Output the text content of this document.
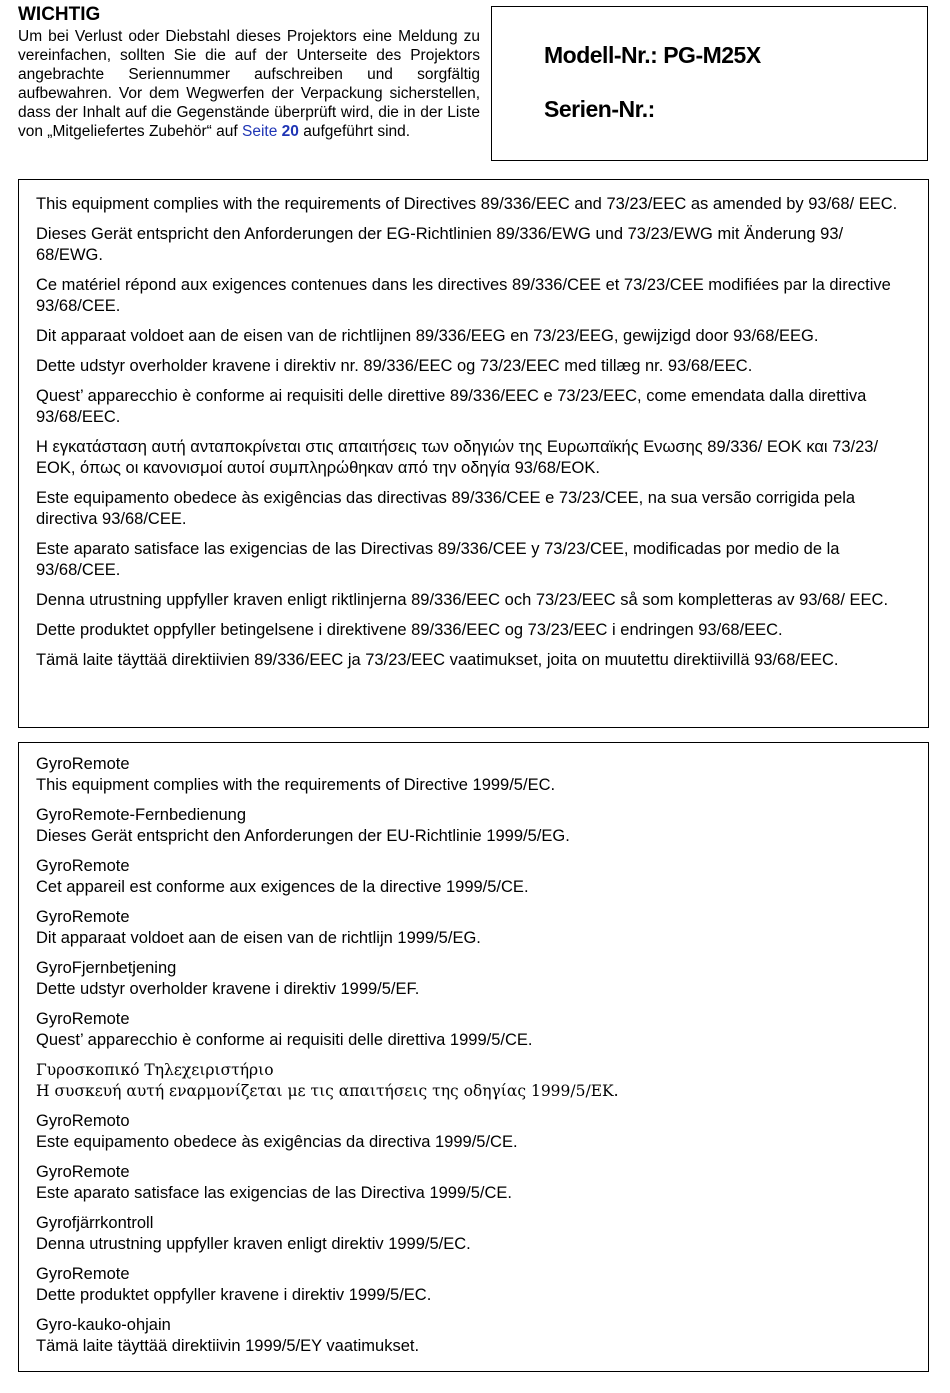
WICHTIG

Um bei Verlust oder Diebstahl dieses Projektors eine Meldung zu vereinfachen, sollten Sie die auf der Unterseite des Projektors angebrachte Seriennummer aufschreiben und sorgfältig aufbewahren. Vor dem Wegwerfen der Verpackung sicherstellen, dass der Inhalt auf die Gegenstände überprüft wird, die in der Liste von „Mitgeliefertes Zubehör“ auf Seite 20 aufgeführt sind.

Modell-Nr.: PG-M25X
Serien-Nr.:

This equipment complies with the requirements of Directives 89/336/EEC and 73/23/EEC as amended by 93/68/ EEC.

Dieses Gerät entspricht den Anforderungen der EG-Richtlinien 89/336/EWG und 73/23/EWG mit Änderung 93/ 68/EWG.

Ce matériel répond aux exigences contenues dans les directives 89/336/CEE et 73/23/CEE modifiées par la directive 93/68/CEE.

Dit apparaat voldoet aan de eisen van de richtlijnen 89/336/EEG en 73/23/EEG, gewijzigd door 93/68/EEG.

Dette udstyr overholder kravene i direktiv nr. 89/336/EEC og 73/23/EEC med tillæg nr. 93/68/EEC.

Quest’ apparecchio è conforme ai requisiti delle direttive 89/336/EEC e 73/23/EEC, come emendata dalla direttiva 93/68/EEC.

Η εγκατάσταση αυτή ανταποκρίνεται στις απαιτήσεις των οδηγιών της Ευρωπαϊκής Ενωσης 89/336/ ΕΟΚ και 73/23/ΕΟΚ, όπως οι κανονισμοί αυτοί συμπληρώθηκαν από την οδηγία 93/68/ΕΟΚ.

Este equipamento obedece às exigências das directivas 89/336/CEE e 73/23/CEE, na sua versão corrigida pela directiva 93/68/CEE.

Este aparato satisface las exigencias de las Directivas 89/336/CEE y 73/23/CEE, modificadas por medio de la 93/68/CEE.

Denna utrustning uppfyller kraven enligt riktlinjerna 89/336/EEC och 73/23/EEC så som kompletteras av 93/68/ EEC.

Dette produktet oppfyller betingelsene i direktivene 89/336/EEC og 73/23/EEC i endringen 93/68/EEC.

Tämä laite täyttää direktiivien 89/336/EEC ja 73/23/EEC vaatimukset, joita on muutettu direktiivillä 93/68/EEC.

GyroRemote
This equipment complies with the requirements of Directive 1999/5/EC.
GyroRemote-Fernbedienung
Dieses Gerät entspricht den Anforderungen der EU-Richtlinie 1999/5/EG.
GyroRemote
Cet appareil est conforme aux exigences de la directive 1999/5/CE.
GyroRemote
Dit apparaat voldoet aan de eisen van de richtlijn 1999/5/EG.
GyroFjernbetjening
Dette udstyr overholder kravene i direktiv 1999/5/EF.
GyroRemote
Quest’ apparecchio è conforme ai requisiti delle direttiva 1999/5/CE.
Γυροσκοπικό Τηλεχειριστήριο
Η συσκευή αυτή εναρμονίζεται με τις απαιτήσεις της οδηγίας 1999/5/ΕΚ.
GyroRemoto
Este equipamento obedece às exigências da directiva 1999/5/CE.
GyroRemote
Este aparato satisface las exigencias de las Directiva 1999/5/CE.
Gyrofjärrkontroll
Denna utrustning uppfyller kraven enligt direktiv 1999/5/EC.
GyroRemote
Dette produktet oppfyller kravene i direktiv 1999/5/EC.
Gyro-kauko-ohjain
Tämä laite täyttää direktiivin 1999/5/EY vaatimukset.
